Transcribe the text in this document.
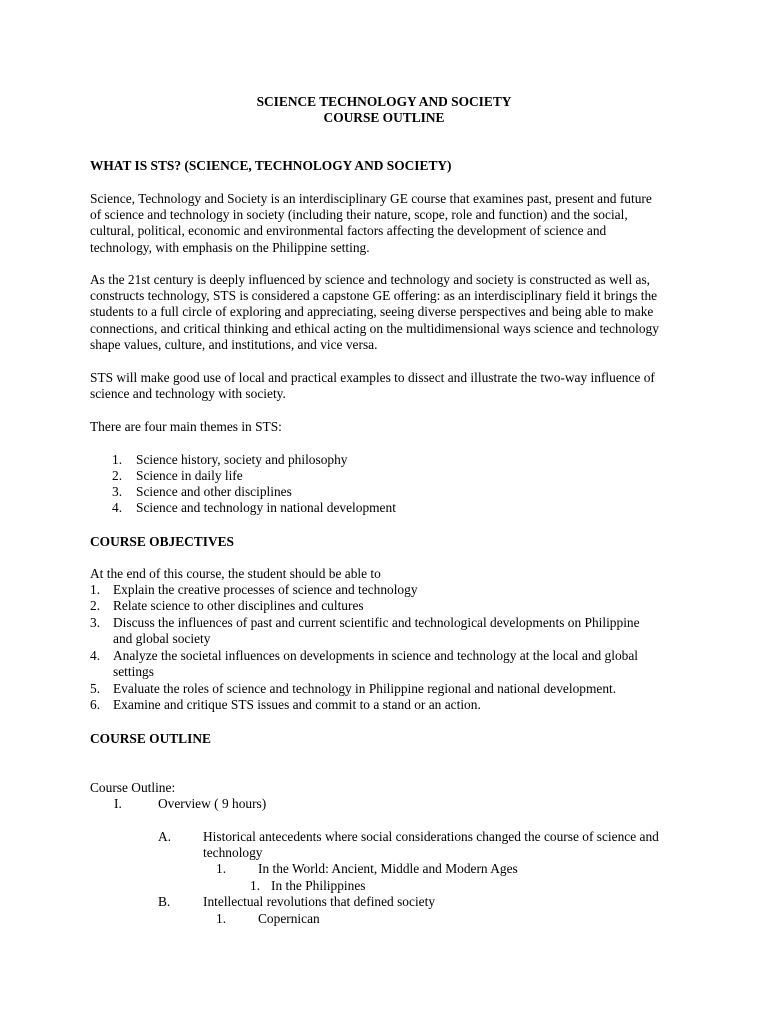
SCIENCE TECHNOLOGY AND SOCIETY
COURSE OUTLINE
WHAT IS STS? (SCIENCE, TECHNOLOGY AND SOCIETY)
Science, Technology and Society is an interdisciplinary GE course that examines past, present and future
of science and technology in society (including their nature, scope, role and function) and the social,
cultural, political, economic and environmental factors affecting the development of science and
technology, with emphasis on the Philippine setting.
As the 21st century is deeply influenced by science and technology and society is constructed as well as,
constructs technology, STS is considered a capstone GE offering: as an interdisciplinary field it brings the
students to a full circle of exploring and appreciating, seeing diverse perspectives and being able to make
connections, and critical thinking and ethical acting on the multidimensional ways science and technology
shape values, culture, and institutions, and vice versa.
STS will make good use of local and practical examples to dissect and illustrate the two-way influence of
science and technology with society.
There are four main themes in STS:
1. Science history, society and philosophy
2. Science in daily life
3. Science and other disciplines
4. Science and technology in national development
COURSE OBJECTIVES
At the end of this course, the student should be able to
1. Explain the creative processes of science and technology
2. Relate science to other disciplines and cultures
3. Discuss the influences of past and current scientific and technological developments on Philippine
and global society
4. Analyze the societal influences on developments in science and technology at the local and global
settings
5. Evaluate the roles of science and technology in Philippine regional and national development.
6. Examine and critique STS issues and commit to a stand or an action.
COURSE OUTLINE
Course Outline:
I.	Overview ( 9 hours)
A. Historical antecedents where social considerations changed the course of science and
technology
1. In the World: Ancient, Middle and Modern Ages
1. In the Philippines
B. Intellectual revolutions that defined society
1. Copernican
